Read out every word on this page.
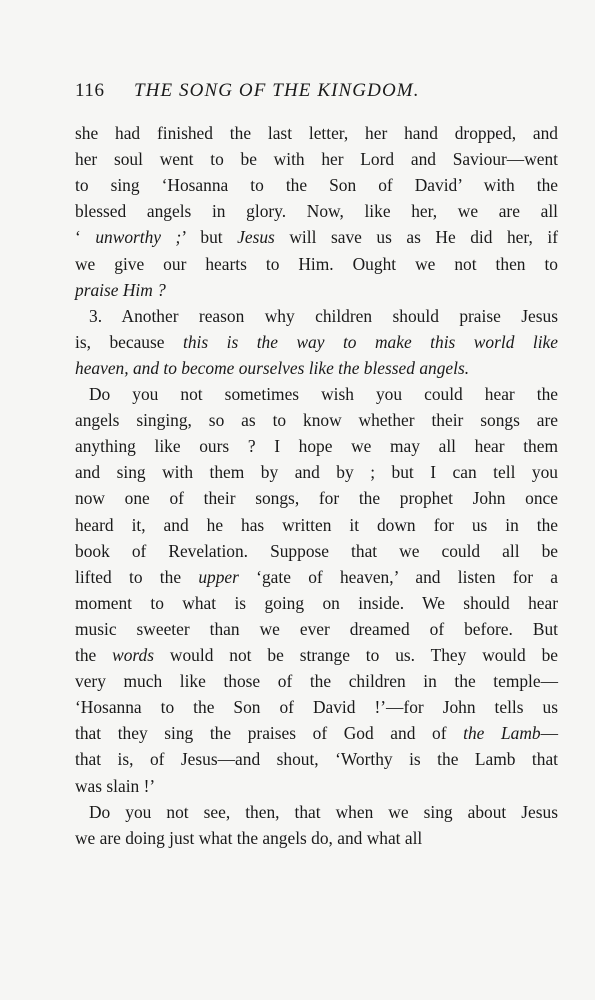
116 THE SONG OF THE KINGDOM.
she had finished the last letter, her hand dropped, and
her soul went to be with her Lord and Saviour—went
to sing ‘Hosanna to the Son of David’ with the
blessed angels in glory. Now, like her, we are all
‘ unworthy ;’ but Jesus will save us as He did her, if
we give our hearts to Him. Ought we not then to
praise Him ?
3. Another reason why children should praise Jesus
is, because this is the way to make this world like
heaven, and to become ourselves like the blessed angels.
Do you not sometimes wish you could hear the
angels singing, so as to know whether their songs are
anything like ours ? I hope we may all hear them
and sing with them by and by ; but I can tell you
now one of their songs, for the prophet John once
heard it, and he has written it down for us in the
book of Revelation. Suppose that we could all be
lifted to the upper ‘gate of heaven,’ and listen for a
moment to what is going on inside. We should hear
music sweeter than we ever dreamed of before. But
the words would not be strange to us. They would be
very much like those of the children in the temple—
‘Hosanna to the Son of David !’—for John tells us
that they sing the praises of God and of the Lamb—
that is, of Jesus—and shout, ‘Worthy is the Lamb that
was slain !’
Do you not see, then, that when we sing about Jesus
we are doing just what the angels do, and what all
